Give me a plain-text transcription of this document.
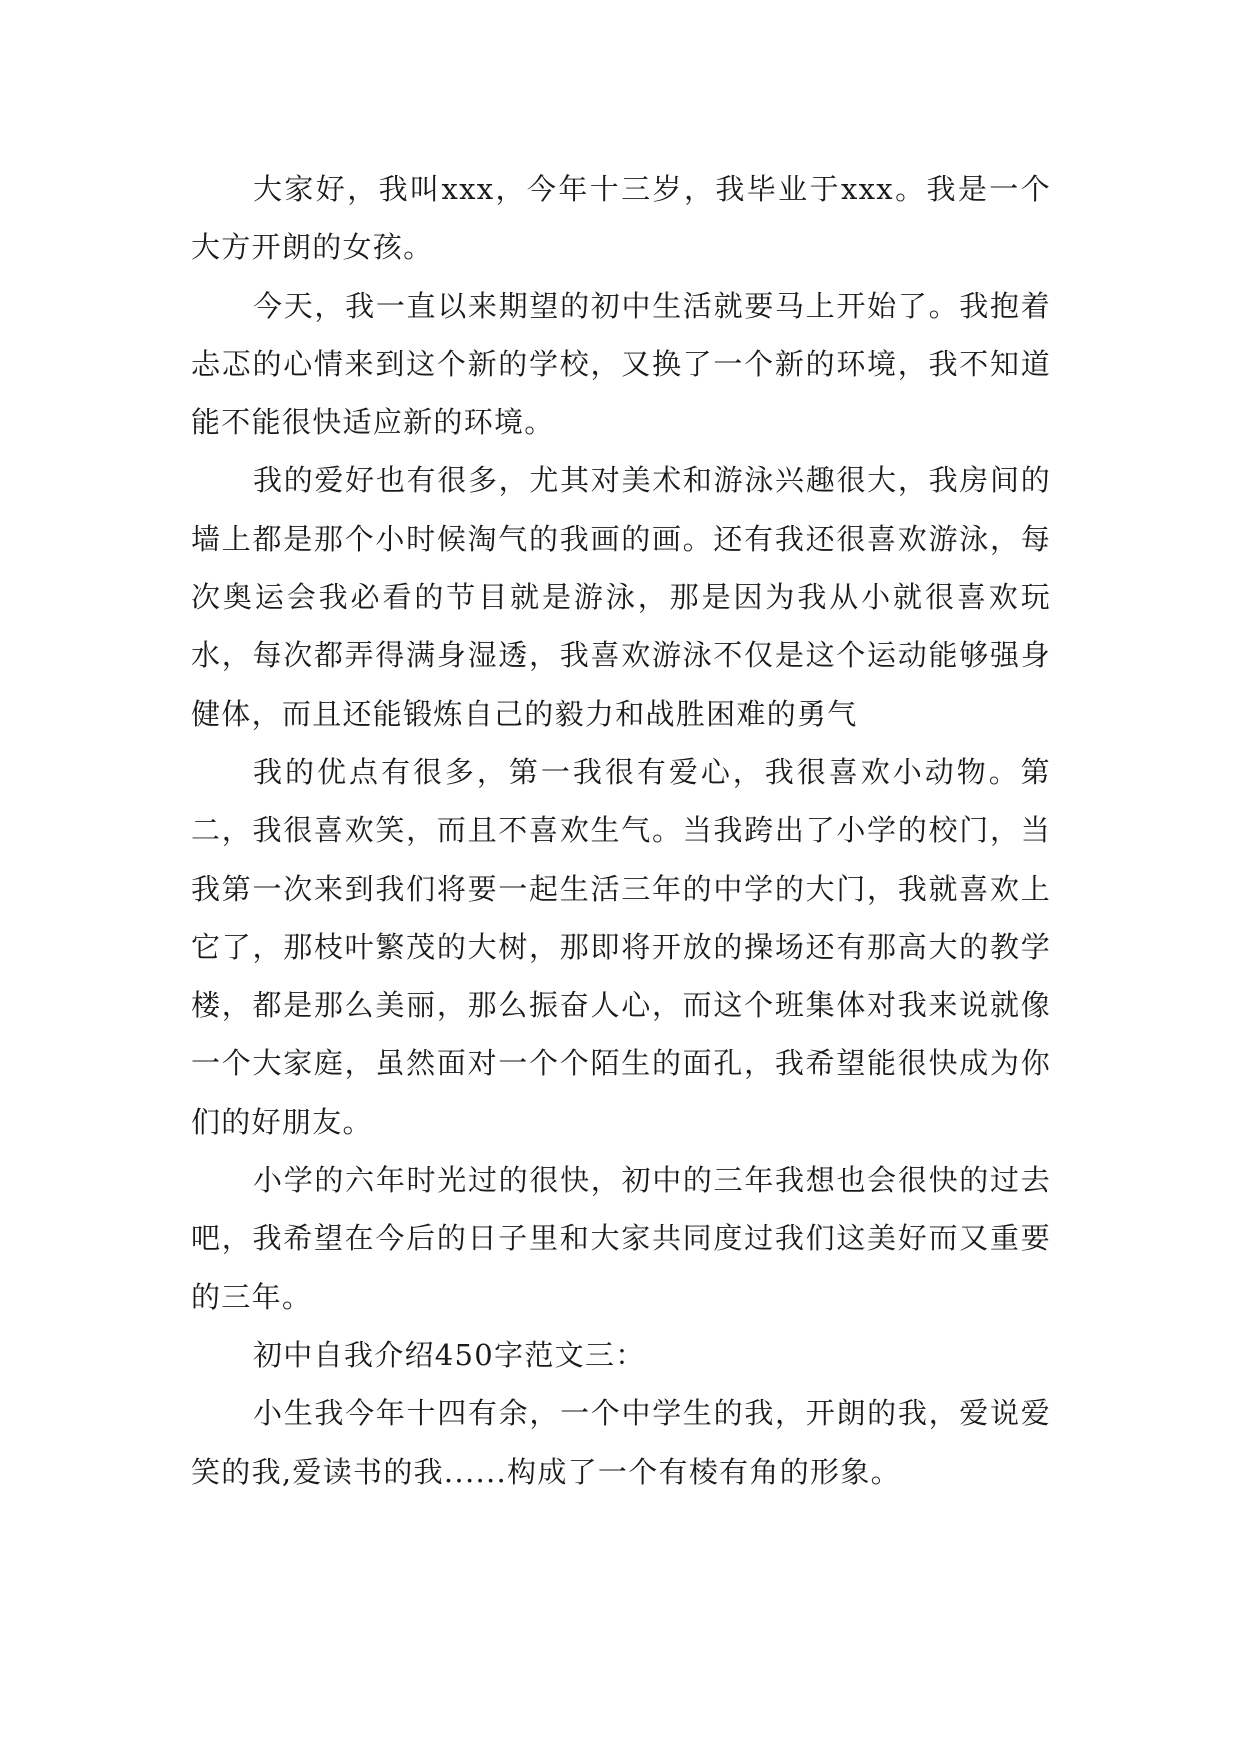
大家好，我叫xxx，今年十三岁，我毕业于xxx。我是一个大方开朗的女孩。

今天，我一直以来期望的初中生活就要马上开始了。我抱着忐忑的心情来到这个新的学校，又换了一个新的环境，我不知道能不能很快适应新的环境。

我的爱好也有很多，尤其对美术和游泳兴趣很大，我房间的墙上都是那个小时候淘气的我画的画。还有我还很喜欢游泳，每次奥运会我必看的节目就是游泳，那是因为我从小就很喜欢玩水，每次都弄得满身湿透，我喜欢游泳不仅是这个运动能够强身健体，而且还能锻炼自己的毅力和战胜困难的勇气

我的优点有很多，第一我很有爱心，我很喜欢小动物。第二，我很喜欢笑，而且不喜欢生气。当我跨出了小学的校门，当我第一次来到我们将要一起生活三年的中学的大门，我就喜欢上它了，那枝叶繁茂的大树，那即将开放的操场还有那高大的教学楼，都是那么美丽，那么振奋人心，而这个班集体对我来说就像一个大家庭，虽然面对一个个陌生的面孔，我希望能很快成为你们的好朋友。

小学的六年时光过的很快，初中的三年我想也会很快的过去吧，我希望在今后的日子里和大家共同度过我们这美好而又重要的三年。

初中自我介绍450字范文三：

小生我今年十四有余，一个中学生的我，开朗的我，爱说爱笑的我,爱读书的我......构成了一个有棱有角的形象。
